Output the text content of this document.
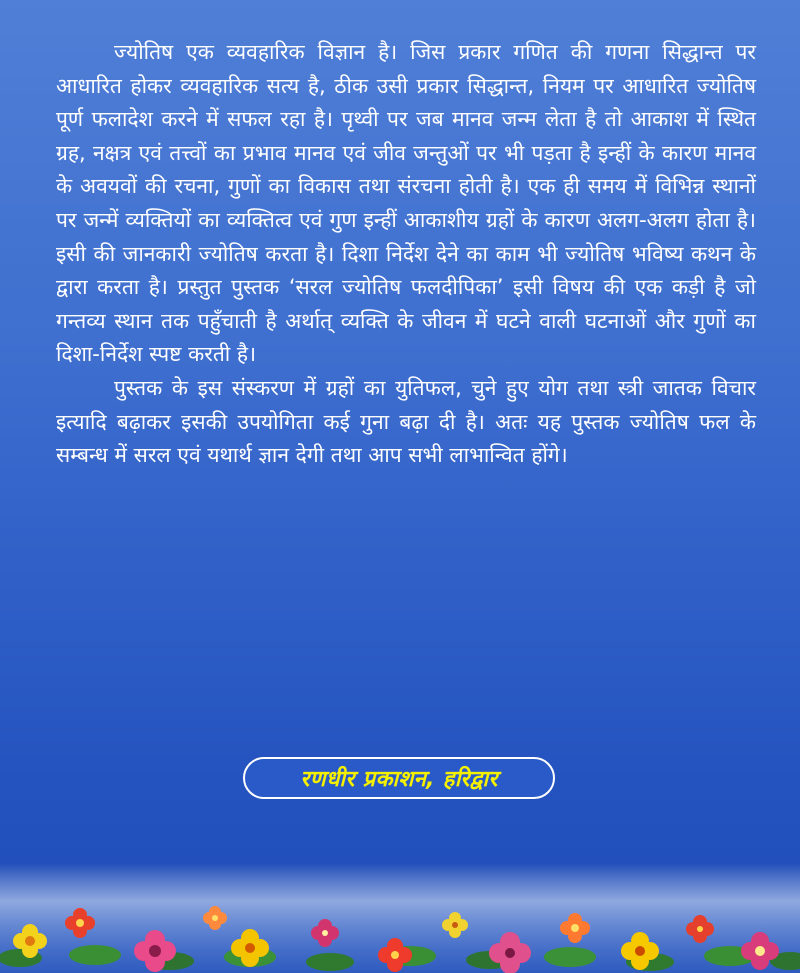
ज्योतिष एक व्यवहारिक विज्ञान है। जिस प्रकार गणित की गणना सिद्धान्त पर आधारित होकर व्यवहारिक सत्य है, ठीक उसी प्रकार सिद्धान्त, नियम पर आधारित ज्योतिष पूर्ण फलादेश करने में सफल रहा है। पृथ्वी पर जब मानव जन्म लेता है तो आकाश में स्थित ग्रह, नक्षत्र एवं तत्त्वों का प्रभाव मानव एवं जीव जन्तुओं पर भी पड़ता है इन्हीं के कारण मानव के अवयवों की रचना, गुणों का विकास तथा संरचना होती है। एक ही समय में विभिन्न स्थानों पर जन्में व्यक्तियों का व्यक्तित्व एवं गुण इन्हीं आकाशीय ग्रहों के कारण अलग-अलग होता है। इसी की जानकारी ज्योतिष करता है। दिशा निर्देश देने का काम भी ज्योतिष भविष्य कथन के द्वारा करता है। प्रस्तुत पुस्तक ‘सरल ज्योतिष फलदीपिका’ इसी विषय की एक कड़ी है जो गन्तव्य स्थान तक पहुँचाती है अर्थात् व्यक्ति के जीवन में घटने वाली घटनाओं और गुणों का दिशा-निर्देश स्पष्ट करती है।

पुस्तक के इस संस्करण में ग्रहों का युतिफल, चुने हुए योग तथा स्त्री जातक विचार इत्यादि बढ़ाकर इसकी उपयोगिता कई गुना बढ़ा दी है। अतः यह पुस्तक ज्योतिष फल के सम्बन्ध में सरल एवं यथार्थ ज्ञान देगी तथा आप सभी लाभान्वित होंगे।

रणधीर प्रकाशन, हरिद्वार
